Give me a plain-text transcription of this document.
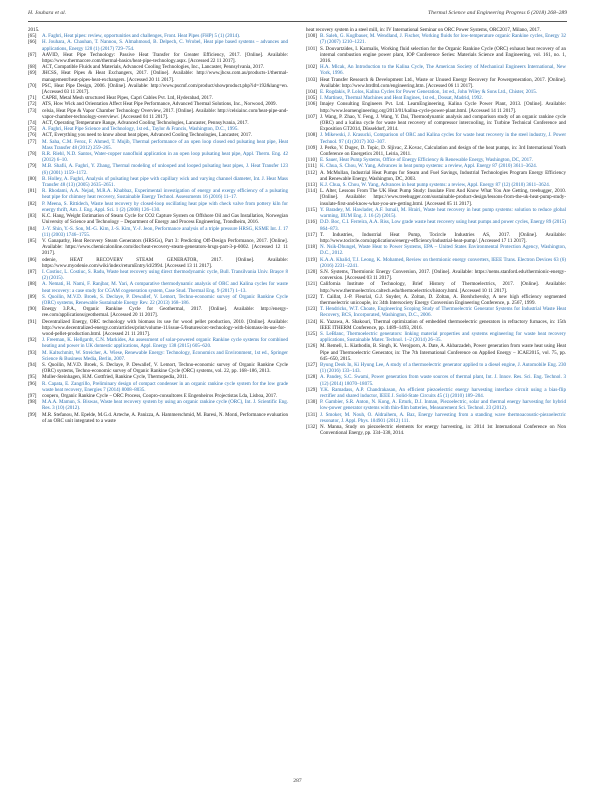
H. Jouhara et al.	Thermal Science and Engineering Progress 6 (2018) 268–289

2015.

[65] A. Faghri, Heat pipes: review, opportunities and challenges, Front. Heat Pipes (FHP) 5 (1) (2014).

[66] H. Jouhara, A. Chauhan, T. Nannou, S. Almahmoud, B. Delpech, C. Wrobel, Heat pipe based systems – advances and applications, Energy 128 (1) (2017) 729–754.

[67] AAVID, Heat Pipe Technology: Passive Heat Transfer for Greater Efficiency, 2017. [Online]. Available: https://www.thermacore.com/thermal-basics/heat-pipe-technology.aspx. [Accessed 22 11 2017].

[68] ACT, Compatible Fluids and Materials, Advanced Cooling Technologies, Inc., Lancaster, Pennsylvania, 2017.

[69] JHCSS, Heat Pipes & Heat Exchangers, 2017. [Online]. Available: http://www.jhcss.com.au/products-1/thermal-management/heat-pipes-heat-exchangers. [Accessed 20 11 2017].

[70] PSC, Heat Pipe Design, 2006. [Online]. Available: http://www.pscmf.com/product/showproduct.php?id=192&lang=en. [Accessed 03 11 2017].

[71] CAPRI, Metal Mesh structured Heat Pipes, Capri Cables Pvt. Ltd, Hyderabad, 2017.

[72] ATS, How Wick and Orientation Affect Heat Pipe Performance, Advanced Thermal Solutions, Inc., Norwood, 2009.

[73] celsia, Heat Pipe & Vapor Chamber Technology Overview, 2017. [Online]. Available: http://celsiainc.com/heat-pipe-and-vapor-chamber-technology-overview/. [Accessed 04 11 2017].

[74] ACT, Operating Temperature Range, Advanced Cooling Technologies, Lancaster, Pennsylvania, 2017.

[75] A. Faghri, Heat Pipe Science and Technology, 1st ed., Taylor & Francis, Washington, D.C., 1995.

[76] ACT, Everything you need to know about heat pipes, Advanced Cooling Technologies, Lancaster, 2017.

[77] M. Saha, C.M. Feroz, F. Ahmed, T. Mujib, Thermal performance of an open loop closed end pulsating heat pipe, Heat Mass Transfer 48 (2012) 259–265.

[78] R.R. Riehl, N.D. Santos, Water-copper nanofluid application in an open loop pulsating heat pipe, Appl. Therm. Eng. 42 (2012) 6–10.

[79] M.B. Shafii, A. Faghri, Y. Zhang, Thermal modeling of unlooped and looped pulsating heat pipes, J. Heat Transfer 123 (6) (2001) 1159–1172.

[80] B. Holley, A. Faghri, Analysis of pulsating heat pipe with capillary wick and varying channel diameter, Int. J. Heat Mass Transfer 48 (13) (2005) 2635–2651.

[81] R. Rhodami, A.A. Nejad, M.R.A. Khabbaz, Experimental investigation of energy and exergy efficiency of a pulsating heat pipe for chimney heat recovery, Sustainable Energy Technol. Assessments 16 (2016) 11–17.

[82] P. Meena, S. Rittidech, Waste heat recovery by closed-loop oscillating heat pipe with check valve from pottery kiln for energy thrift, Am. J. Eng. Appl. Sci. 1 (2) (2008) 126–130.

[83] K.C. Hang, Weight Estimation of Steam Cycle for CO2 Capture System on Offshore Oil and Gas Installation, Norwegian University of Science and Technology – Department of Energy and Process Engineering, Trondheim, 2016.

[84] J.-Y. Shin, Y.-S. Son, M.-G. Kim, J.-S. Kim, Y.-J. Jeon, Performance analysis of a triple pressure HRSG, KSME Int. J. 17 (11) (2003) 1746–1755.

[85] V. Ganapathy, Heat Recovery Steam Generators (HRSGs), Part 3: Predicting Off-Design Performance, 2017. [Online]. Available: https://www.chemicalonline.com/doc/heat-recovery-steam-generators-hrsgs-part-3-p-0002. [Accessed 12 11 2017].

[86] odenie, HEAT RECOVERY STEAM GENERATOR, 2017. [Online]. Available: https://www.myodenie.com/wiki/index/returnEntry/id/2994. [Accessed 13 11 2017].

[87] I. Costiuc, L. Costiuc, S. Radu, Waste heat recovery using direct thermodynamic cycle, Bull. Transilvania Univ. Brașov 8 (2) (2015).

[88] A. Nemati, H. Nami, F. Ranjbar, M. Yari, A comparative thermodynamic analysis of ORC and Kalina cycles for waste heat recovery: a case study for CGAM cogeneration system, Case Stud. Thermal Eng. 9 (2017) 1–13.

[89] S. Quoilin, M.V.D. Broek, S. Declaye, P. Dewallef, V. Lemort, Techno-economic survey of Organic Rankine Cycle (ORC) systems, Renewable Sustainable Energy Rev. 22 (2013) 168–186.

[90] Energy 3.P.A., Organic Rankine Cycle for Geothermal, 2017. [Online]. Available: http://energy-ree.com/applications/geothermal. [Accessed 20 11 2017].

[91] Decentralized Energy, ORC technology with biomass its use for wood pellet production, 2010. [Online]. Available: http://www.decentralized-energy.com/articles/print/volume-11/issue-5/features/orc-technology-with-biomass-its-use-for-wood-pellet-production.html. [Accessed 21 11 2017].

[92] J. Freeman, K. Hellgardt, C.N. Markides, An assessment of solar-powered organic Rankine cycle systems for combined heating and power in UK domestic applications, Appl. Energy 138 (2015) 605–620.

[93] M. Kaltschmitt, W. Streicher, A. Wiese, Renewable Energy: Technology, Economics and Environment, 1st ed., Springer Science & Business Media, Berlin, 2007.

[94] S. Quoilin, M.V.D. Broek, S. Declaye, P. Dewallef, V. Lemort, Techno-economic survey of Organic Rankine Cycle (ORC) systems, Techno-economic survey of Organic Rankine Cycle (ORC) systems, vol. 22, pp. 168–186, 2013.

[95] Muller-Steinhagen, H.M. Gottfried, Rankine Cycle, Thermopedia, 2011.

[96] R. Capata, E. Zangrillo, Preliminary design of compact condenser in an organic rankine cycle system for the low grade waste heat recovery, Energies 7 (2014) 8008–8035.

[97] coopero, Organic Rankine Cycle – ORC Process, Coopro-consultores E Engenheiros Projectistas Lda, Lisboa, 2017.

[98] M.A.A. Mamun, S. Biswas, Waste heat recovery system by using an organic rankine cycle (ORC), Int. J. Scientific Eng. Res. 3 (10) (2012).

[99] M.R. Stefanou, M. Epelde, M.G.d. Arteche, A. Panizza, A. Hammerschmid, M. Baresi, N. Monti, Performance evaluation of an ORC unit integrated to a waste

heat recovery system in a steel mill, in: IV International Seminar on ORC Power Systems, ORC2017, Milano, 2017.

[100] B. Saleh, G. Koglbauer, M. Wendland, J. Fischer, Working fluids for low-temperature organic Rankine cycles, Energy 32 (7) (2007) 1210–1221.

[101] S. Douvartzides, I. Karmalis, Working fluid selection for the Organic Rankine Cycle (ORC) exhaust heat recovery of an internal combustion engine power plant, IOP Conference Series: Materials Science and Engineering, vol. 161, no. 1, 2016.

[102] H.A. Mlcak, An Introduction to the Kalina Cycle, The American Society of Mechanical Engineers International, New York, 1996.

[103] Heat Transfer Research & Development Ltd., Waste or Unused Energy Recovery for Powergeneration, 2017. [Online]. Available: http://www.htrdltd.com/engineering.htm. [Accessed 06 11 2017].

[104] E. Rogdakis, P. Lolos, Kalina Cycles for Power Generation, 1st ed., John Wiley & Sons Ltd., Chister, 2015.

[105] I. Martinez, Thermal Machines and Heat Engines, 1st ed., Dossat, Madrid, 1992.

[106] Imajey Consulting Engineers Pvt. Ltd. LearnEngineering, Kalina Cycle Power Plant, 2013. [Online]. Available: http://www.learnengineering.org/2013/01/kalina-cycle-power-plant.html. [Accessed 14 11 2017].

[107] J. Wang, P. Zhao, Y. Feng, J. Wang, Y. Dai, Thermodynamic analysis and comparison study of an organic rankine cycle (ORC) and a kalina cycle for waste heat recovery of compressor intercooling, in: Turbine Technical Conference and Exposition GT2014, Düsseldorf, 2014.

[108] J. Mikewski, J. Krasucki, Comparison of ORC and Kalina cycles for waste heat recovery in the steel industry, J. Power Technol. 97 (4) (2017) 302–307.

[109] J. Perko, V. Dugec, D. Topic, D. Sljivac, Z.Kovac, Calculation and design of the heat pumps, in: 3rd International Youth Conference on Energetics 2011, Leiria, 2011.

[110] E. Sauer, Heat Pump Systems, Office of Energy Efficiency & Renewable Energy, Washington, DC, 2017.

[111] K. Chua, S. Chou, W. Yang, Advances in heat pump systems: a review, Appl. Energy 87 (2010) 3611–3624.

[112] A. McMullan, Industrial Heat Pumps for Steam and Fuel Savings, Industrial Technologies Program Energy Efficiency and Renewable Energy, Washington, DC, 2003.

[113] K.J. Chua, S. Chou, W. Yang, Advances in heat pump systems: a review, Appl. Energy 87 (12) (2010) 3611–3624.

[114] L. Alter, Lessons From The UK Heat Pump Study: Insulate First And Know What You Are Getting, treehugger, 2010. [Online]. Available: https://www.treehugger.com/sustainable-product-design/lessons-from-the-uk-heat-pump-study-insulate-first-and-know-what-you-are-getting.html. [Accessed 05 11 2017].

[115] Y. Baradey, M. Hawlader, A.F. Ismail, M. Hrairi, Waste heat recovery in heat pump systems: solution to reduce global warming, IIUM Eng. J. 16 (2) (2015).

[116] D.D. Boc, C.I. Ferreira, A.A. Riss, Low grade waste heat recovery using heat pumps and power cycles, Energy 89 (2015) 864–873.

[117] T. Industries, Industrial Heat Pump, Tocircle Industries AS, 2017. [Online]. Available: http://www.tocircle.com/applications/energy-efficiency/industrial-heat-pump/. [Accessed 17 11 2017].

[118] N. Nsik-Dhungel, Waste Heat to Power Systems, EPA – United States Environmental Protection Agency, Washington, D.C., 2012.

[119] K.A.A. Khalid, T.J. Leong, K. Mohamed, Review on thermionic energy converters, IEEE Trans. Electron Devices 63 (6) (2016) 2231–2241.

[120] S.N. Systems, Thermionic Energy Conversion, 2017. [Online]. Available: https://nems.stanford.edu/thermionic-energy-conversion. [Accessed 03 11 2017].

[121] California Institute of Technology, Brief History of Thermoelectrics, 2017. [Online]. Available: http://www.thermoelectrics.caltech.edu/thermoelectrics/history.html. [Accessed 10 11 2017].

[122] T. Caillat, J.-P. Fleurial, G.J. Snyder, A. Zoltan, D. Zoltan, A. Borshchevsky, A new high efficiency segmented thermoelectric unicouple, in: 34th Intersociety Energy Conversion Engineering Conference, p. 2567, 1999.

[123] T. Hendricks, W.T. Choate, Engineering Scoping Study of Thermoelectric Generator Systems for Industrial Waste Heat Recovery, BCS, Incorporated, Washington, D.C., 2006.

[124] K. Yazawa, A. Shakouri, Thermal optimization of embedded thermoelectric generators in refractory furnaces, in: 15th IEEE ITHERM Conference, pp. 1489–1493, 2016.

[125] S. LeBlanc, Thermoelectric generators: linking material properties and systems engineering for waste heat recovery applications, Sustainable Mater. Technol. 1–2 (2014) 26–35.

[126] M. Remeli, L. Kiatbodin, B. Singh, K. Verojporn, A. Date, A. Akbarzadeh, Power generation from waste heat using Heat Pipe and Thermoelectric Generator, in: The 7th International Conference on Applied Energy – ICAE2015, vol. 75, pp. 645–650, 2015.

[127] Byung Deok In, Ki Hyung Lee, A study of a thermoelectric generator applied to a diesel engine, J. Automobile Eng. 230 (1) (2016) 133–143.

[128] A. Pandey, S.C. Swami, Power generation from waste sources of thermal plant, Int. J. Innov. Res. Sci. Eng. Technol. 3 (12) (2014) 18070–18075.

[129] Y.K. Ramadass, A.P. Chandrakasan, An efficient piezoelectric energy harvesting interface circuit using a bias-flip rectifier and shared inductor, IEEE J. Solid-State Circuits 45 (1) (2010) 189–204.

[130] P. Gambier, S.R. Anton, N. Kong, A. Erturk, D.J. Inman, Piezoelectric, solar and thermal energy harvesting for hybrid low-power generator systems with thin-film batteries, Measurement Sci. Technol. 23 (2012).

[131] J. Smoker, M. Nouh, O. Aldraihem, A. Baz, Energy harvesting from a standing wave thermoacoustic-piezoelectric resonator, J. Appl. Phys. 104901 (2012) 111.

[132] N. Manna, Study on piezoelectric elements for energy harvesting, in: 2014 1st International Conference on Non Conventional Energy, pp. 334–338, 2014.

287
